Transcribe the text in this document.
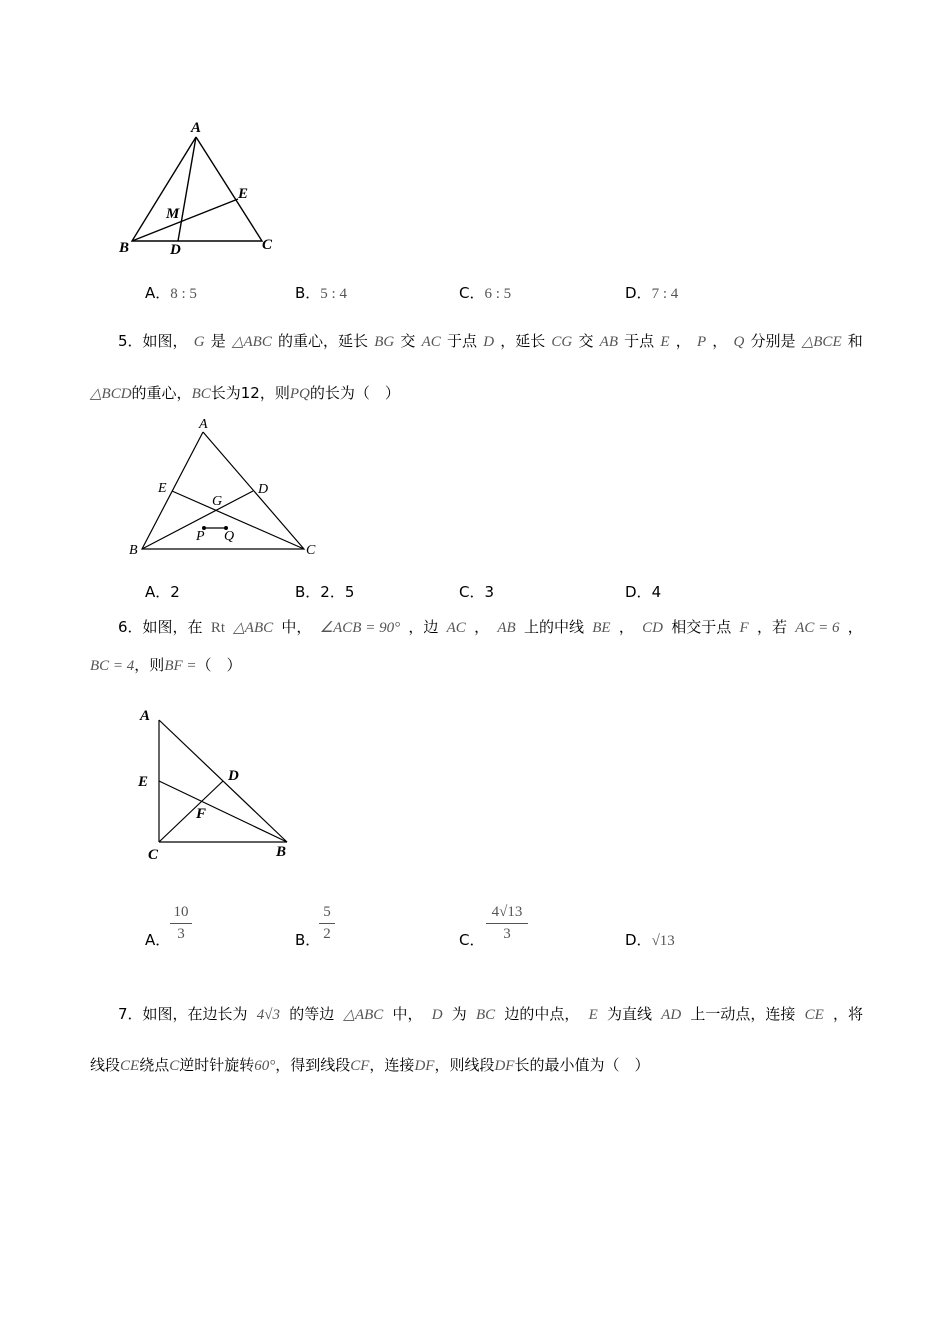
A
B	C
D
E
M
A．8 : 5	B．5 : 4	C．6 : 5	D．7 : 4
5．如图， G 是 △ABC 的重心，延长 BG 交 AC 于点 D ，延长 CG 交 AB 于点 E ， P ， Q 分别是 △BCE 和
△BCD的重心，BC长为12，则PQ的长为（　）
A
B	C
D
E
G
P Q
A．2	B．2．5	C．3	D．4
6．如图，在 Rt △ABC 中， ∠ACB = 90° ，边 AC ， AB 上的中线 BE ， CD 相交于点 F ，若 AC = 6 ，
BC = 4，则BF =（　）
A
E	D
F
C	B
A．
10
3	B．
5
2	C．
4√13
3	D．√13
7．如图，在边长为 4√3 的等边 △ABC 中， D 为 BC 边的中点， E 为直线 AD 上一动点，连接 CE ，将
线段CE绕点C逆时针旋转60°，得到线段CF，连接DF，则线段DF长的最小值为（　）
